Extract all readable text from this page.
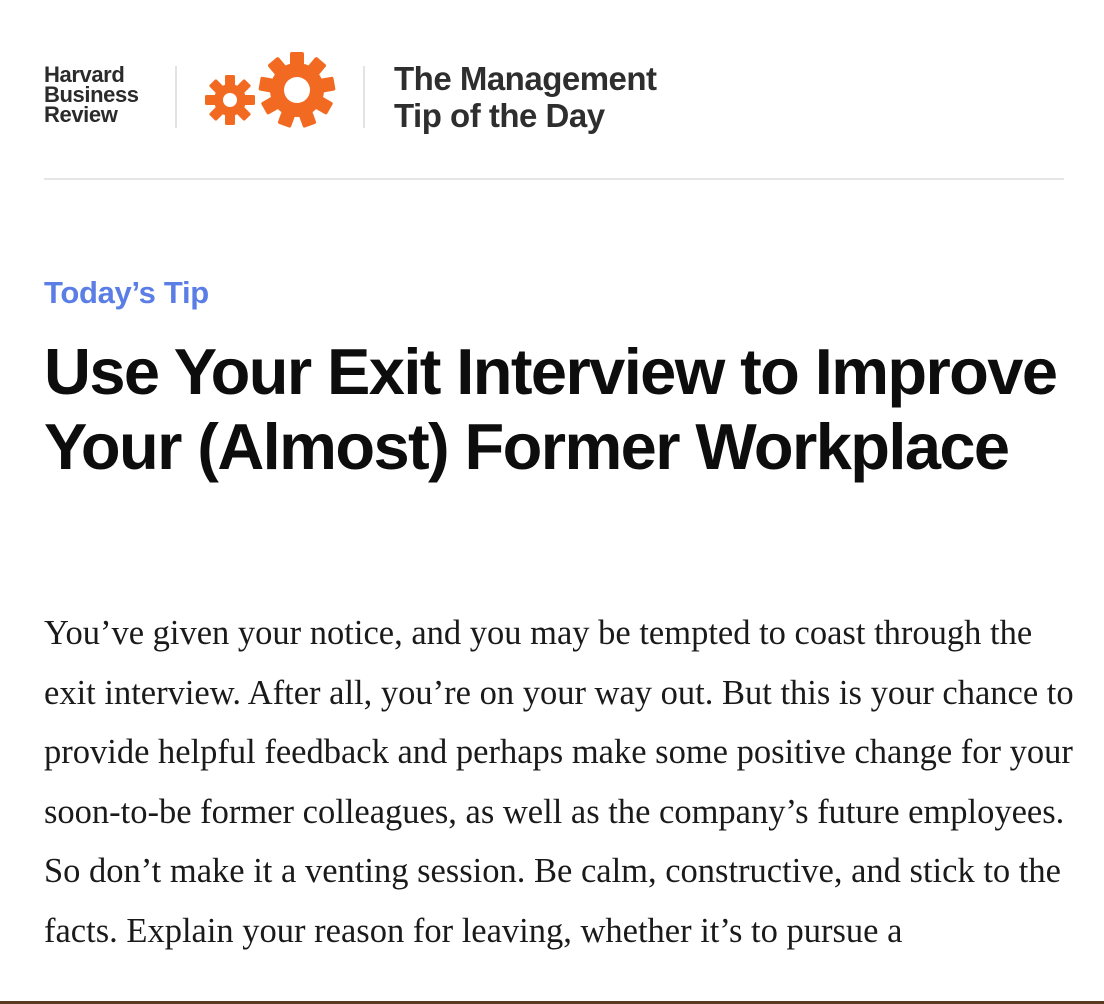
Harvard
Business
Review
The Management
Tip of the Day
Today’s Tip
Use Your Exit Interview to Improve Your (Almost) Former Workplace

You’ve given your notice, and you may be tempted to coast through the exit interview. After all, you’re on your way out. But this is your chance to provide helpful feedback and perhaps make some positive change for your soon-to-be former colleagues, as well as the company’s future employees. So don’t make it a venting session. Be calm, constructive, and stick to the facts. Explain your reason for leaving, whether it’s to pursue a
